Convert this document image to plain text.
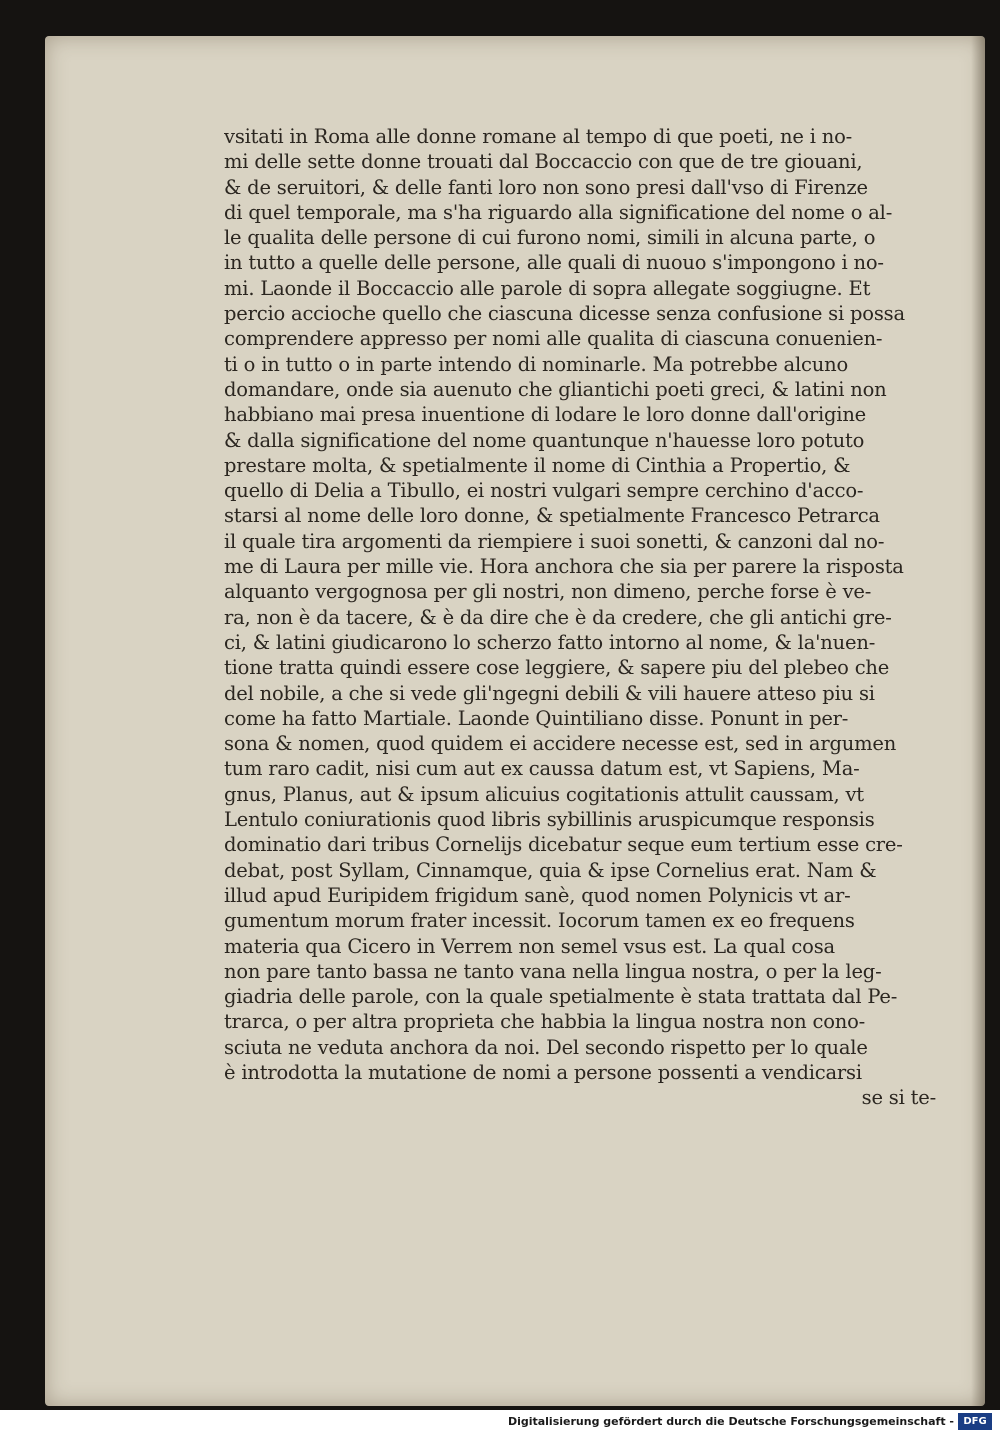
vsitati in Roma alle donne romane al tempo di que poeti, ne i no-
mi delle sette donne trouati dal Boccaccio con que de tre giouani,
& de seruitori, & delle fanti loro non sono presi dall'vso di Firenze
di quel temporale, ma s'ha riguardo alla significatione del nome o al-
le qualita delle persone di cui furono nomi, simili in alcuna parte, o
in tutto a quelle delle persone, alle quali di nuouo s'impongono i no-
mi. Laonde il Boccaccio alle parole di sopra allegate soggiugne. Et
percio accioche quello che ciascuna dicesse senza confusione si possa
comprendere appresso per nomi alle qualita di ciascuna conuenien-
ti o in tutto o in parte intendo di nominarle. Ma potrebbe alcuno
domandare, onde sia auenuto che gliantichi poeti greci, & latini non
habbiano mai presa inuentione di lodare le loro donne dall'origine
& dalla significatione del nome quantunque n'hauesse loro potuto
prestare molta, & spetialmente il nome di Cinthia a Propertio, &
quello di Delia a Tibullo, ei nostri vulgari sempre cerchino d'acco-
starsi al nome delle loro donne, & spetialmente Francesco Petrarca
il quale tira argomenti da riempiere i suoi sonetti, & canzoni dal no-
me di Laura per mille vie. Hora anchora che sia per parere la risposta
alquanto vergognosa per gli nostri, non dimeno, perche forse è ve-
ra, non è da tacere, & è da dire che è da credere, che gli antichi gre-
ci, & latini giudicarono lo scherzo fatto intorno al nome, & la'nuen-
tione tratta quindi essere cose leggiere, & sapere piu del plebeo che
del nobile, a che si vede gli'ngegni debili & vili hauere atteso piu si
come ha fatto Martiale. Laonde Quintiliano disse. Ponunt in per-
sona & nomen, quod quidem ei accidere necesse est, sed in argumen
tum raro cadit, nisi cum aut ex caussa datum est, vt Sapiens, Ma-
gnus, Planus, aut & ipsum alicuius cogitationis attulit caussam, vt
Lentulo coniurationis quod libris sybillinis aruspicumque responsis
dominatio dari tribus Cornelijs dicebatur seque eum tertium esse cre-
debat, post Syllam, Cinnamque, quia & ipse Cornelius erat. Nam &
illud apud Euripidem frigidum sanè, quod nomen Polynicis vt ar-
gumentum morum frater incessit. Iocorum tamen ex eo frequens
materia qua Cicero in Verrem non semel vsus est. La qual cosa
non pare tanto bassa ne tanto vana nella lingua nostra, o per la leg-
giadria delle parole, con la quale spetialmente è stata trattata dal Pe-
trarca, o per altra proprieta che habbia la lingua nostra non cono-
sciuta ne veduta anchora da noi. Del secondo rispetto per lo quale
è introdotta la mutatione de nomi a persone possenti a vendicarsi
se si te-
Digitalisierung gefördert durch die Deutsche Forschungsgemeinschaft - DFG
